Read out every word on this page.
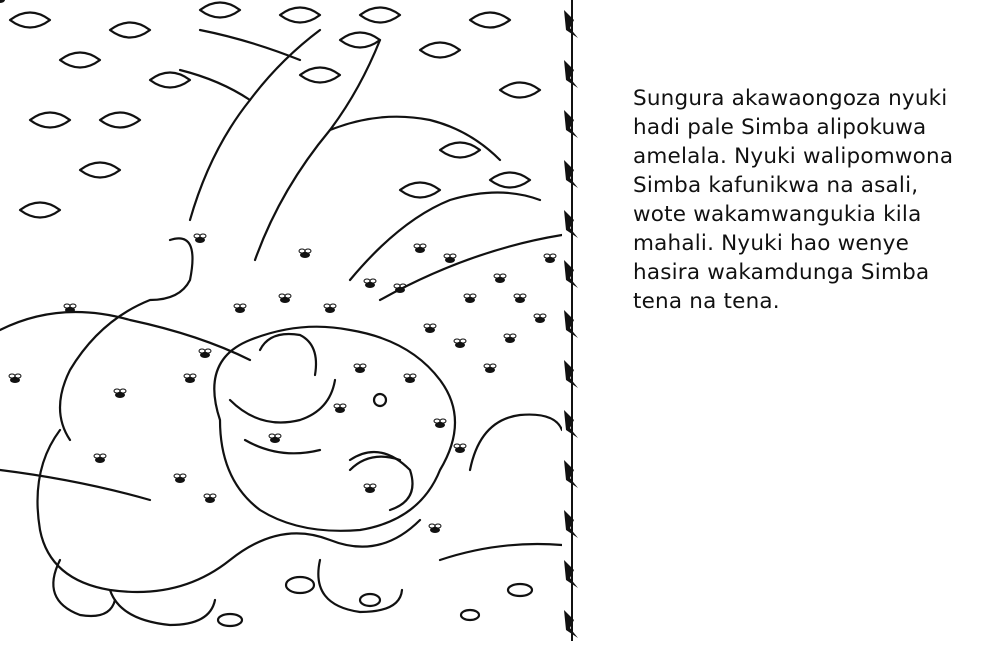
Sungura akawaongoza nyuki
hadi pale Simba alipokuwa
amelala. Nyuki walipomwona
Simba kafunikwa na asali,
wote wakamwangukia kila
mahali. Nyuki hao wenye
hasira wakamdunga Simba
tena na tena.
